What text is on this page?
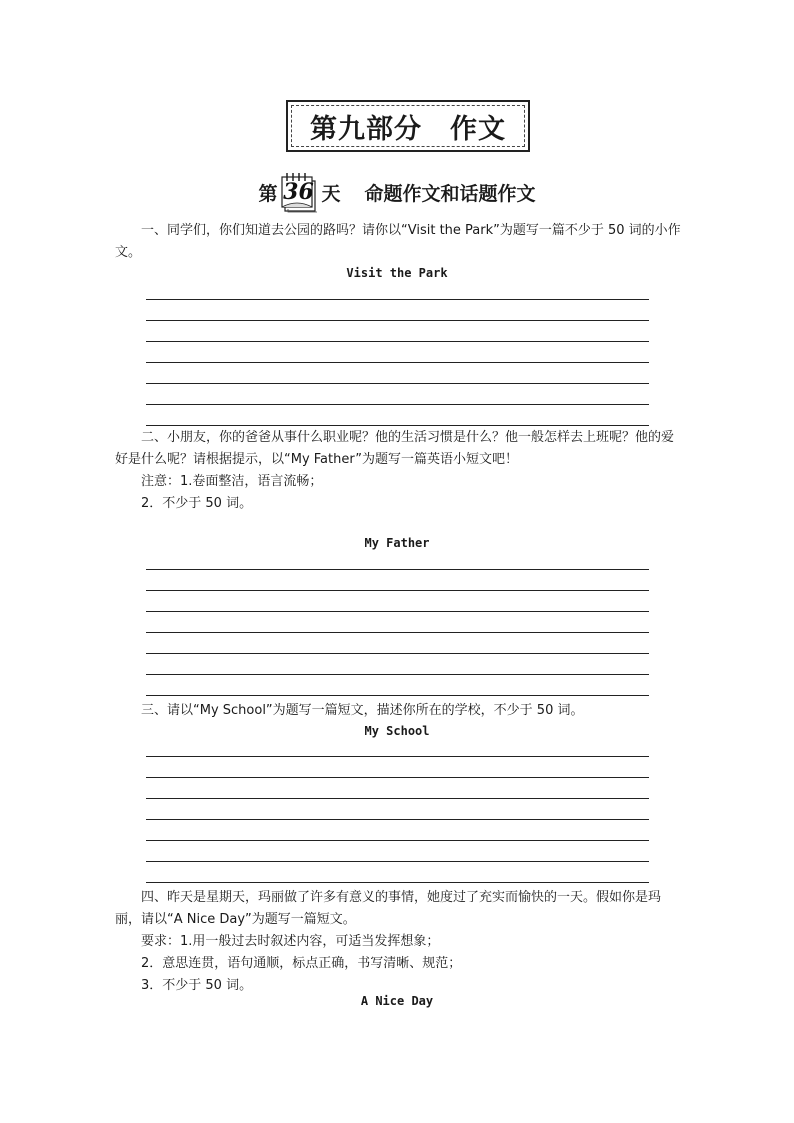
第九部分　作文
第 36 天 命题作文和话题作文

一、同学们，你们知道去公园的路吗？请你以“Visit the Park”为题写一篇不少于 50 词的小作文。

Visit the Park

二、小朋友，你的爸爸从事什么职业呢？他的生活习惯是什么？他一般怎样去上班呢？他的爱好是什么呢？请根据提示，以“My Father”为题写一篇英语小短文吧！

注意：1.卷面整洁，语言流畅；
2．不少于 50 词。
My Father

三、请以“My School”为题写一篇短文，描述你所在的学校，不少于 50 词。

My School

四、昨天是星期天，玛丽做了许多有意义的事情，她度过了充实而愉快的一天。假如你是玛丽，请以“A Nice Day”为题写一篇短文。

要求：1.用一般过去时叙述内容，可适当发挥想象；
2．意思连贯，语句通顺，标点正确，书写清晰、规范；
3．不少于 50 词。
A Nice Day
